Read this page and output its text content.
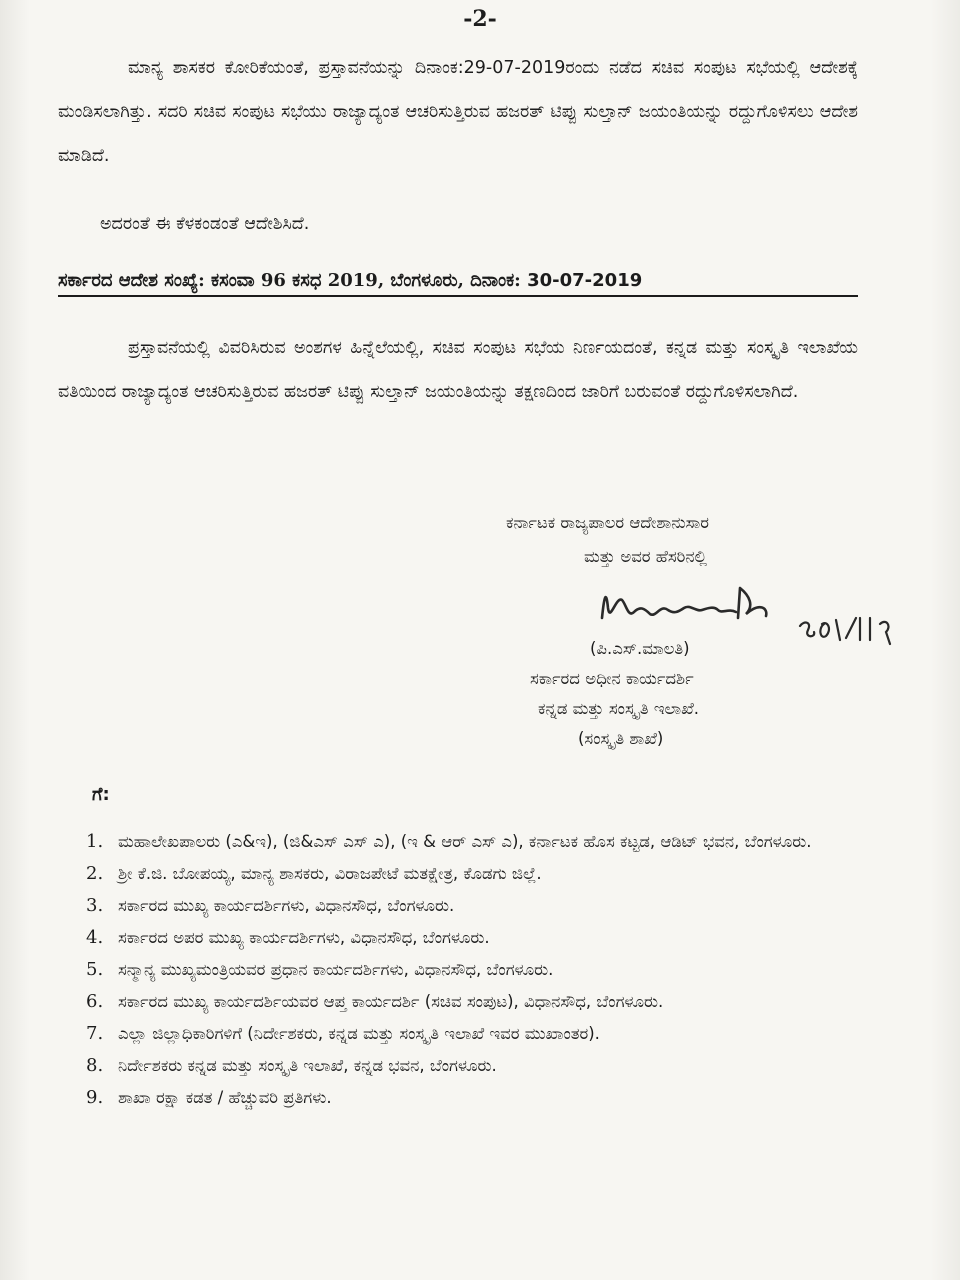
-2-

ಮಾನ್ಯ ಶಾಸಕರ ಕೋರಿಕೆಯಂತೆ, ಪ್ರಸ್ತಾವನೆಯನ್ನು ದಿನಾಂಕ:29-07-2019ರಂದು ನಡೆದ ಸಚಿವ ಸಂಪುಟ ಸಭೆಯಲ್ಲಿ ಆದೇಶಕ್ಕೆ ಮಂಡಿಸಲಾಗಿತ್ತು. ಸದರಿ ಸಚಿವ ಸಂಪುಟ ಸಭೆಯು ರಾಜ್ಯಾದ್ಯಂತ ಆಚರಿಸುತ್ತಿರುವ ಹಜರತ್ ಟಿಪ್ಪು ಸುಲ್ತಾನ್ ಜಯಂತಿಯನ್ನು ರದ್ದುಗೊಳಿಸಲು ಆದೇಶ ಮಾಡಿದೆ.

ಅದರಂತೆ ಈ ಕೆಳಕಂಡಂತೆ ಆದೇಶಿಸಿದೆ.
ಸರ್ಕಾರದ ಆದೇಶ ಸಂಖ್ಯೆ: ಕಸಂವಾ 96 ಕಸಧ 2019, ಬೆಂಗಳೂರು, ದಿನಾಂಕ: 30-07-2019

ಪ್ರಸ್ತಾವನೆಯಲ್ಲಿ ವಿವರಿಸಿರುವ ಅಂಶಗಳ ಹಿನ್ನೆಲೆಯಲ್ಲಿ, ಸಚಿವ ಸಂಪುಟ ಸಭೆಯ ನಿರ್ಣಯದಂತೆ, ಕನ್ನಡ ಮತ್ತು ಸಂಸ್ಕೃತಿ ಇಲಾಖೆಯ ವತಿಯಿಂದ ರಾಜ್ಯಾದ್ಯಂತ ಆಚರಿಸುತ್ತಿರುವ ಹಜರತ್ ಟಿಪ್ಪು ಸುಲ್ತಾನ್ ಜಯಂತಿಯನ್ನು ತಕ್ಷಣದಿಂದ ಜಾರಿಗೆ ಬರುವಂತೆ ರದ್ದುಗೊಳಿಸಲಾಗಿದೆ.

ಕರ್ನಾಟಕ ರಾಜ್ಯಪಾಲರ ಆದೇಶಾನುಸಾರ
ಮತ್ತು ಅವರ ಹೆಸರಿನಲ್ಲಿ
(ಪಿ.ಎಸ್.ಮಾಲತಿ)
ಸರ್ಕಾರದ ಅಧೀನ ಕಾರ್ಯದರ್ಶಿ
ಕನ್ನಡ ಮತ್ತು ಸಂಸ್ಕೃತಿ ಇಲಾಖೆ.
(ಸಂಸ್ಕೃತಿ ಶಾಖೆ)
ಗೆ:
1. ಮಹಾಲೇಖಪಾಲರು (ಎ&ಇ), (ಜಿ&ಎಸ್ ಎಸ್ ಎ), (ಇ & ಆರ್ ಎಸ್ ಎ), ಕರ್ನಾಟಕ ಹೊಸ ಕಟ್ಟಡ, ಆಡಿಟ್ ಭವನ, ಬೆಂಗಳೂರು.
2. ಶ್ರೀ ಕೆ.ಜಿ. ಬೋಪಯ್ಯ, ಮಾನ್ಯ ಶಾಸಕರು, ವಿರಾಜಪೇಟೆ ಮತಕ್ಷೇತ್ರ, ಕೊಡಗು ಜಿಲ್ಲೆ.
3. ಸರ್ಕಾರದ ಮುಖ್ಯ ಕಾರ್ಯದರ್ಶಿಗಳು, ವಿಧಾನಸೌಧ, ಬೆಂಗಳೂರು.
4. ಸರ್ಕಾರದ ಅಪರ ಮುಖ್ಯ ಕಾರ್ಯದರ್ಶಿಗಳು, ವಿಧಾನಸೌಧ, ಬೆಂಗಳೂರು.
5. ಸನ್ಮಾನ್ಯ ಮುಖ್ಯಮಂತ್ರಿಯವರ ಪ್ರಧಾನ ಕಾರ್ಯದರ್ಶಿಗಳು, ವಿಧಾನಸೌಧ, ಬೆಂಗಳೂರು.
6. ಸರ್ಕಾರದ ಮುಖ್ಯ ಕಾರ್ಯದರ್ಶಿಯವರ ಆಪ್ತ ಕಾರ್ಯದರ್ಶಿ (ಸಚಿವ ಸಂಪುಟ), ವಿಧಾನಸೌಧ, ಬೆಂಗಳೂರು.
7. ಎಲ್ಲಾ ಜಿಲ್ಲಾಧಿಕಾರಿಗಳಿಗೆ (ನಿರ್ದೇಶಕರು, ಕನ್ನಡ ಮತ್ತು ಸಂಸ್ಕೃತಿ ಇಲಾಖೆ ಇವರ ಮುಖಾಂತರ).
8. ನಿರ್ದೇಶಕರು ಕನ್ನಡ ಮತ್ತು ಸಂಸ್ಕೃತಿ ಇಲಾಖೆ, ಕನ್ನಡ ಭವನ, ಬೆಂಗಳೂರು.
9. ಶಾಖಾ ರಕ್ಷಾ ಕಡತ / ಹೆಚ್ಚುವರಿ ಪ್ರತಿಗಳು.
